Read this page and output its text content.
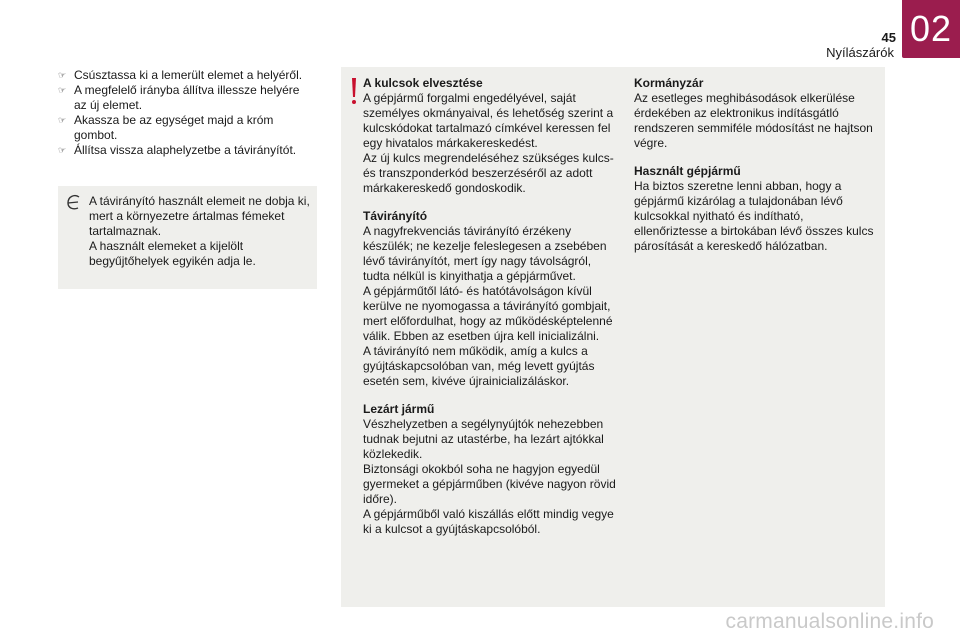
45
Nyílászárók
02
☞ Csúsztassa ki a lemerült elemet a helyéről.
☞ A megfelelő irányba állítva illessze helyére az új elemet.
☞ Akassza be az egységet majd a króm gombot.
☞ Állítsa vissza alaphelyzetbe a távirányítót.

A távirányító használt elemeit ne dobja ki, mert a környezetre ártalmas fémeket tartalmaznak.

A használt elemeket a kijelölt begyűjtőhelyek egyikén adja le.

A kulcsok elvesztése

A gépjármű forgalmi engedélyével, saját személyes okmányaival, és lehetőség szerint a kulcskódokat tartalmazó címkével keressen fel egy hivatalos márkakereskedést.

Az új kulcs megrendeléséhez szükséges kulcs- és transzponderkód beszerzéséről az adott márkakereskedő gondoskodik.

Távirányító

A nagyfrekvenciás távirányító érzékeny készülék; ne kezelje feleslegesen a zsebében lévő távirányítót, mert így nagy távolságról, tudta nélkül is kinyithatja a gépjárművet.

A gépjárműtől látó- és hatótávolságon kívül kerülve ne nyomogassa a távirányító gombjait, mert előfordulhat, hogy az működésképtelenné válik. Ebben az esetben újra kell inicializálni.

A távirányító nem működik, amíg a kulcs a gyújtáskapcsolóban van, még levett gyújtás esetén sem, kivéve újrainicializáláskor.

Lezárt jármű

Vészhelyzetben a segélynyújtók nehezebben tudnak bejutni az utastérbe, ha lezárt ajtókkal közlekedik.

Biztonsági okokból soha ne hagyjon egyedül gyermeket a gépjárműben (kivéve nagyon rövid időre).

A gépjárműből való kiszállás előtt mindig vegye ki a kulcsot a gyújtáskapcsolóból.

Kormányzár

Az esetleges meghibásodások elkerülése érdekében az elektronikus indításgátló rendszeren semmiféle módosítást ne hajtson végre.

Használt gépjármű

Ha biztos szeretne lenni abban, hogy a gépjármű kizárólag a tulajdonában lévő kulcsokkal nyitható és indítható, ellenőriztesse a birtokában lévő összes kulcs párosítását a kereskedő hálózatban.

carmanualsonline.info
